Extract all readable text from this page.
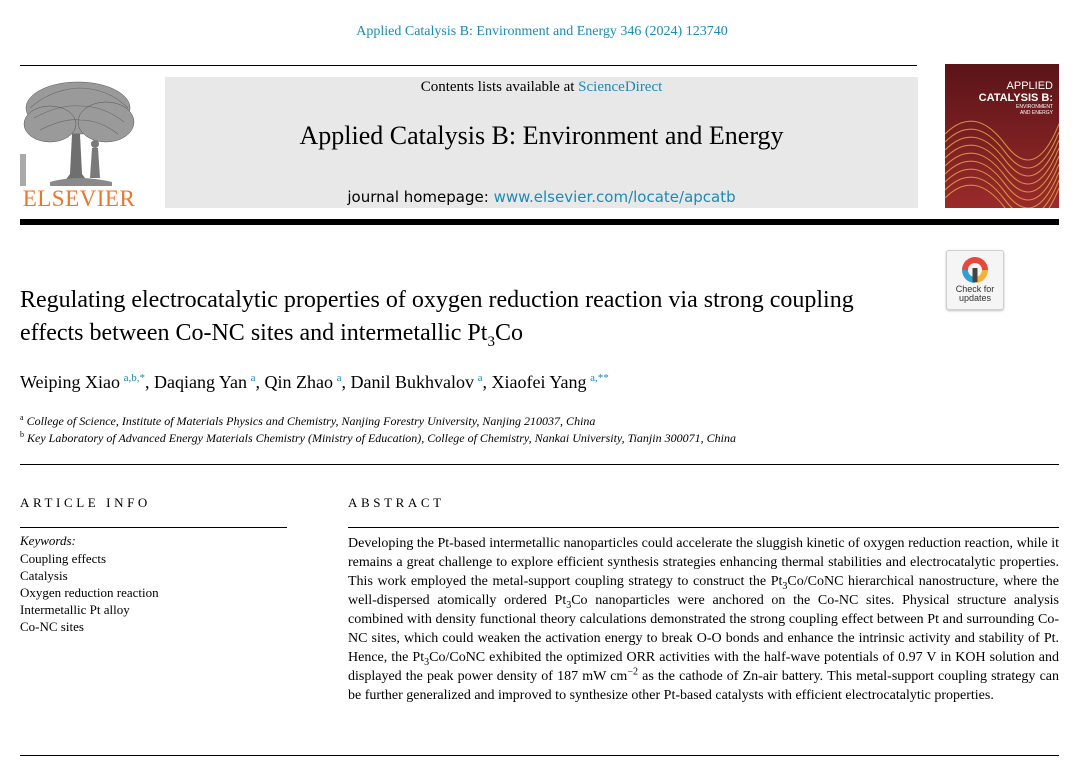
Applied Catalysis B: Environment and Energy 346 (2024) 123740
ELSEVIER
Contents lists available at ScienceDirect
Applied Catalysis B: Environment and Energy
journal homepage: www.elsevier.com/locate/apcatb
APPLIED
CATALYSIS B:
ENVIRONMENT
AND ENERGY
Check for
updates
Regulating electrocatalytic properties of oxygen reduction reaction via strong coupling effects between Co-NC sites and intermetallic $Pt_3Co$
Weiping Xiao  $^{a,b,*}$, Daqiang Yan  $^a$, Qin Zhao  $^a$, Danil Bukhvalov  $^a$, Xiaofei Yang  $^{a,**}$
$^a$ College of Science, Institute of Materials Physics and Chemistry, Nanjing Forestry University, Nanjing 210037, China
$^b$ Key Laboratory of Advanced Energy Materials Chemistry (Ministry of Education), College of Chemistry, Nankai University, Tianjin 300071, China
ARTICLE INFO
Keywords:
Coupling effects
Catalysis
Oxygen reduction reaction
Intermetallic Pt alloy
Co-NC sites
ABSTRACT
Developing the Pt-based intermetallic nanoparticles could accelerate the sluggish kinetic of oxygen reduction reaction, while it remains a great challenge to explore efficient synthesis strategies enhancing thermal stabilities and electrocatalytic properties. This work employed the metal-support coupling strategy to construct the $Pt_3Co$/CoNC hierarchical nanostructure, where the well-dispersed atomically ordered $Pt_3Co$ nanoparticles were anchored on the Co-NC sites. Physical structure analysis combined with density functional theory calculations demonstrated the strong coupling effect between Pt and surrounding Co-NC sites, which could weaken the activation energy to break O-O bonds and enhance the intrinsic activity and stability of Pt. Hence, the $Pt_3Co$/CoNC exhibited the optimized ORR activities with the half-wave potentials of 0.97 V in KOH solution and displayed the peak power density of 187 mW $cm^{-2}$ as the cathode of Zn-air battery. This metal-support coupling strategy can be further generalized and improved to synthesize other Pt-based catalysts with efficient electrocatalytic properties.
